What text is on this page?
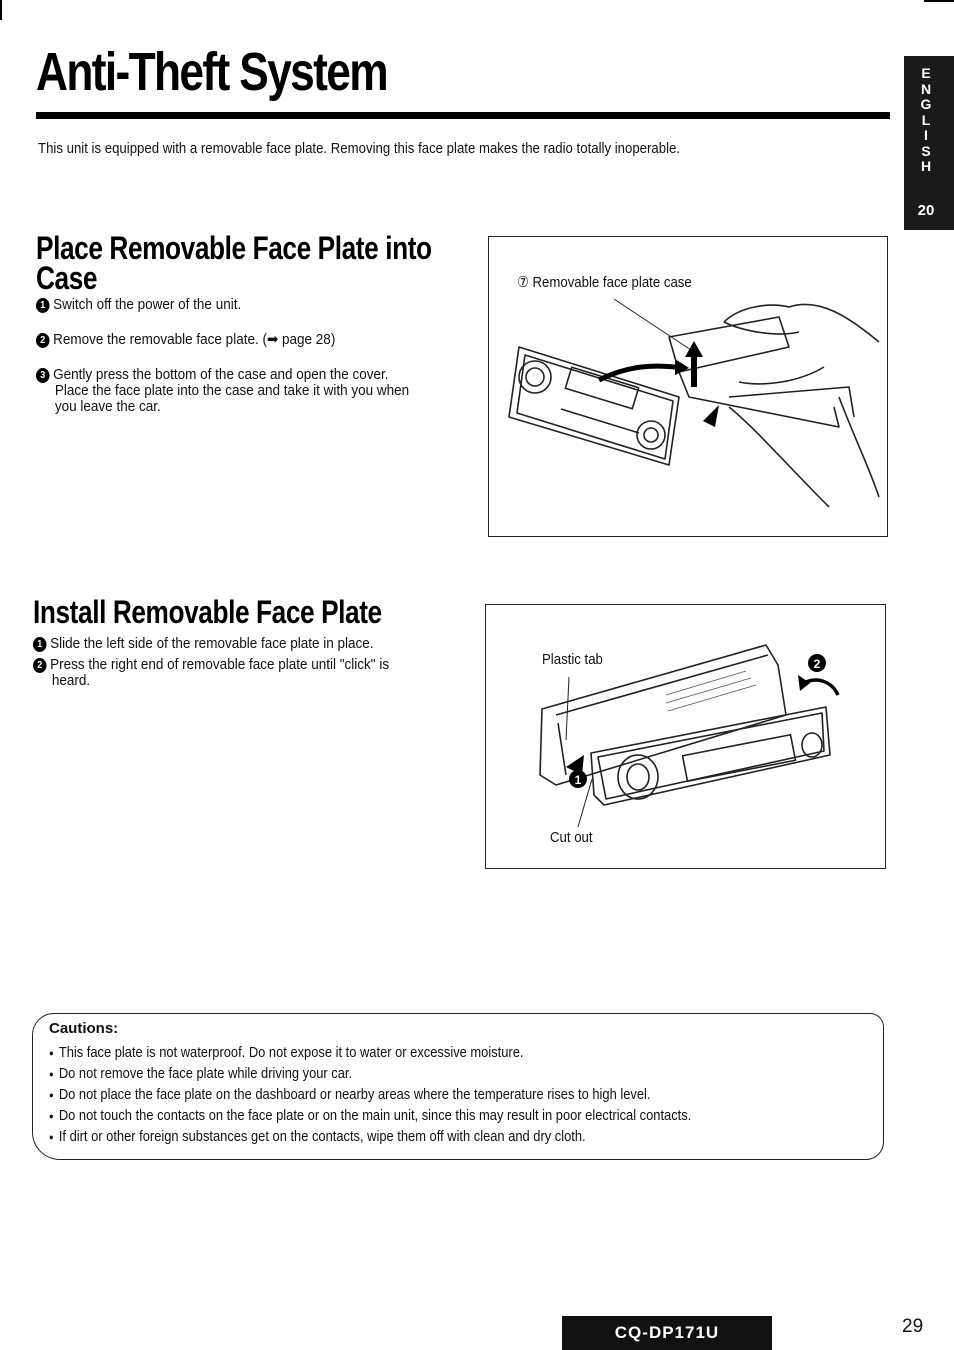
Anti-Theft System
This unit is equipped with a removable face plate. Removing this face plate makes the radio totally inoperable.
E
N
G
L
I
S
H
20
Place Removable Face Plate into Case
1 Switch off the power of the unit.
2 Remove the removable face plate. (➡ page 28)
3 Gently press the bottom of the case and open the cover.
Place the face plate into the case and take it with you when
you leave the car.
⑦ Removable face plate case
Install Removable Face Plate
1 Slide the left side of the removable face plate in place.
2 Press the right end of removable face plate until "click" is
heard.
Plastic tab
Cut out
1
2
Cautions:
● This face plate is not waterproof. Do not expose it to water or excessive moisture.
● Do not remove the face plate while driving your car.
● Do not place the face plate on the dashboard or nearby areas where the temperature rises to high level.
● Do not touch the contacts on the face plate or on the main unit, since this may result in poor electrical contacts.
● If dirt or other foreign substances get on the contacts, wipe them off with clean and dry cloth.
CQ-DP171U	29
